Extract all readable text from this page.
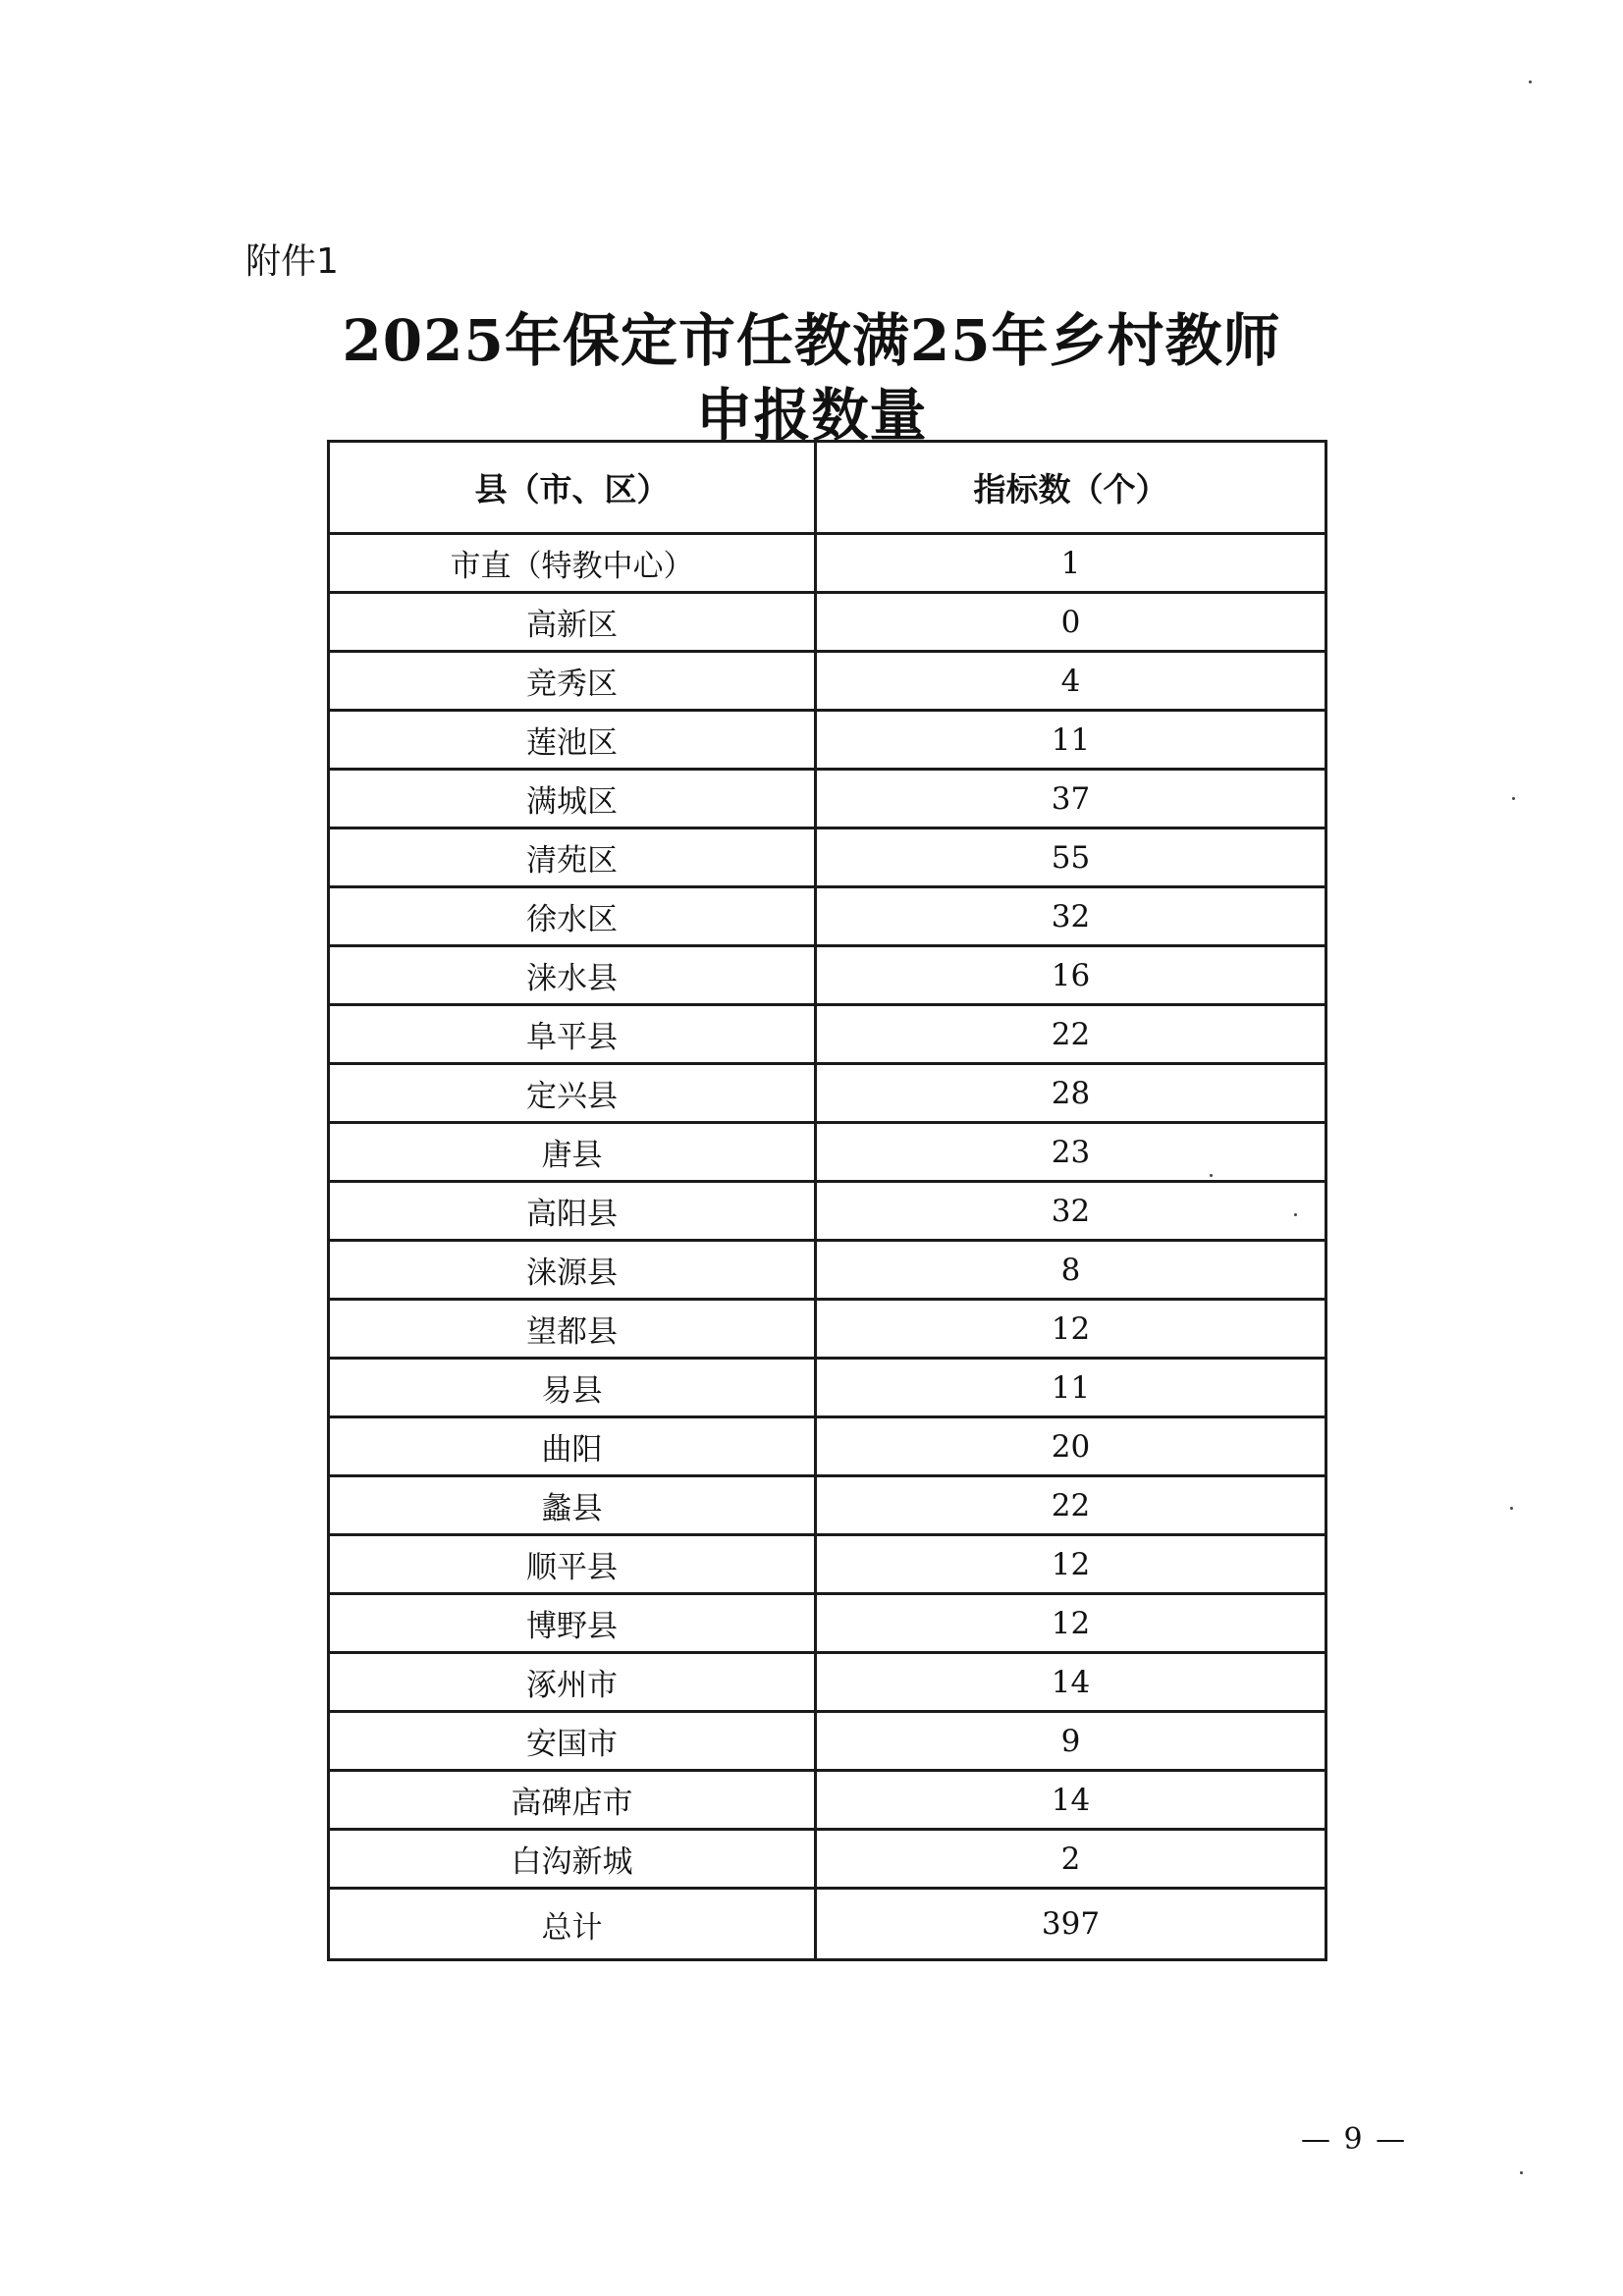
附件1
2025年保定市任教满25年乡村教师
申报数量
县（市、区）	指标数（个）
市直（特教中心）	1
高新区	0
竞秀区	4
莲池区	11
满城区	37
清苑区	55
徐水区	32
涞水县	16
阜平县	22
定兴县	28
唐县	23
高阳县	32
涞源县	8
望都县	12
易县	11
曲阳	20
蠡县	22
顺平县	12
博野县	12
涿州市	14
安国市	9
高碑店市	14
白沟新城	2
总计	397
— 9 —
